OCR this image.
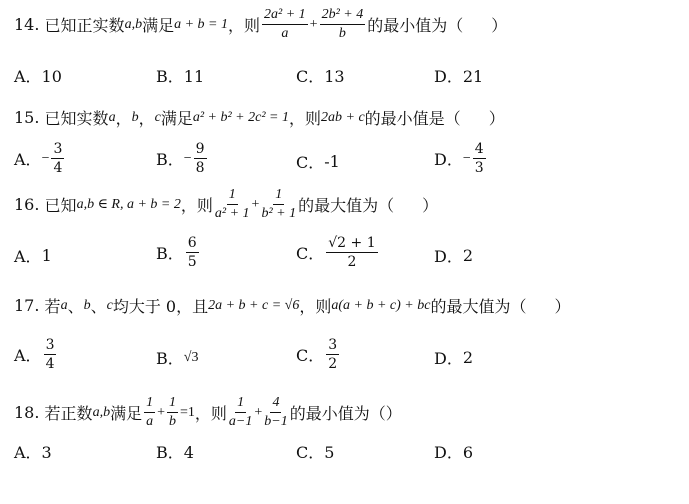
14.
已知正实数 a,b 满足 a + b = 1 ，则 $\frac{\text{2a² + 1}}{a} + \frac{\text{2b² + 4}}{b}$ 的最小值为（ ）
A．10	B．11	C．13	D．21
15.
已知实数 a ， b ， c 满足 a² + b² + 2c² = 1 ，则 2ab + c 的最小值是（ ）
A． − $\frac{3}{4}$	B． − $\frac{9}{8}$	C． -1	D． − $\frac{4}{3}$
16.
已知 a,b ∈ R, a + b = 2 ，则 $\frac{1}{\text{a² + 1}} + \frac{1}{\text{b² + 1}}$ 的最大值为（ ）
A． 1	B． $\frac{6}{5}$	C． $\frac{√2 + 1}{2}$	D． 2
17.
若 a 、 b 、 c 均大于 0，且 2a + b + c = √6 ，则 a(a + b + c) + bc 的最大值为（ ）
A． $\frac{3}{4}$	B． √3	C． $\frac{3}{2}$	D． 2
18.
若正数 a,b 满足 $\frac{1}{a} + \frac{1}{b} =1$ ，则 $\frac{1}{a-1} + \frac{4}{b-1}$ 的最小值为（ ）
A．3	B．4	C．5	D．6
